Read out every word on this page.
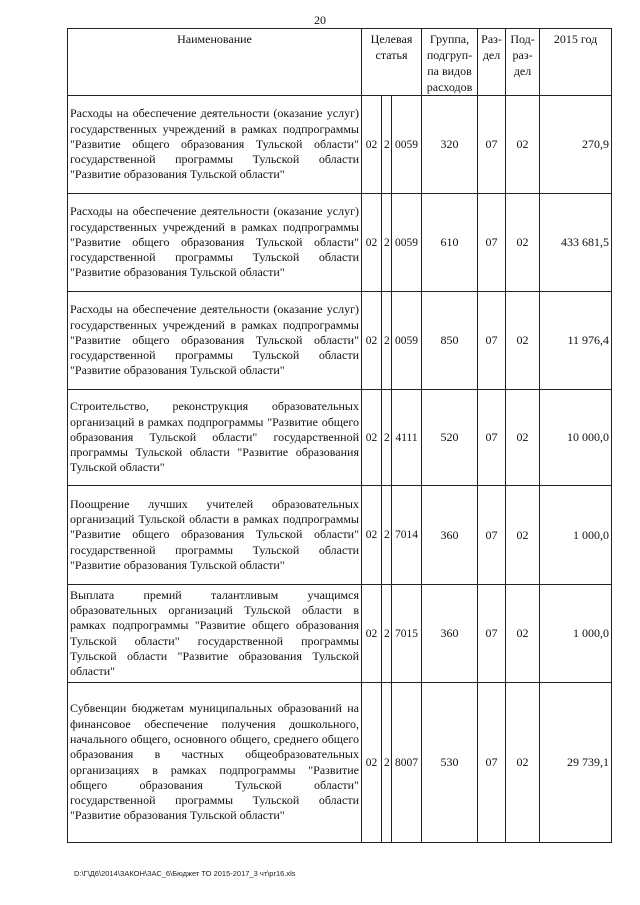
20
Наименование	Целевая статья			Группа, подгруп-па видов расходов	Раз-дел	Под-раз-дел	2015 год
Расходы на обеспечение деятельности (оказание услуг) государственных учреждений в рамках подпрограммы "Развитие общего образования Тульской области" государственной программы Тульской области "Развитие образования Тульской области"	02	2	0059	320	07	02	270,9
Расходы на обеспечение деятельности (оказание услуг) государственных учреждений в рамках подпрограммы "Развитие общего образования Тульской области" государственной программы Тульской области "Развитие образования Тульской области"	02	2	0059	610	07	02	433 681,5
Расходы на обеспечение деятельности (оказание услуг) государственных учреждений в рамках подпрограммы "Развитие общего образования Тульской области" государственной программы Тульской области "Развитие образования Тульской области"	02	2	0059	850	07	02	11 976,4
Строительство, реконструкция образовательных организаций в рамках подпрограммы "Развитие общего образования Тульской области" государственной программы Тульской области "Развитие образования Тульской области"	02	2	4111	520	07	02	10 000,0
Поощрение лучших учителей образовательных организаций Тульской области в рамках подпрограммы "Развитие общего образования Тульской области" государственной программы Тульской области "Развитие образования Тульской области"	02	2	7014	360	07	02	1 000,0
Выплата премий талантливым учащимся образовательных организаций Тульской области в рамках подпрограммы "Развитие общего образования Тульской области" государственной программы Тульской области "Развитие образования Тульской области"	02	2	7015	360	07	02	1 000,0
Субвенции бюджетам муниципальных образований на финансовое обеспечение получения дошкольного, начального общего, основного общего, среднего общего образования в частных общеобразовательных организациях в рамках подпрограммы "Развитие общего образования Тульской области" государственной программы Тульской области "Развитие образования Тульской области"	02	2	8007	530	07	02	29 739,1
D:\Г\Д6\2014\ЗАКОН\ЗАС_6\Бюджет ТО 2015-2017_3 чт\pr16.xls
